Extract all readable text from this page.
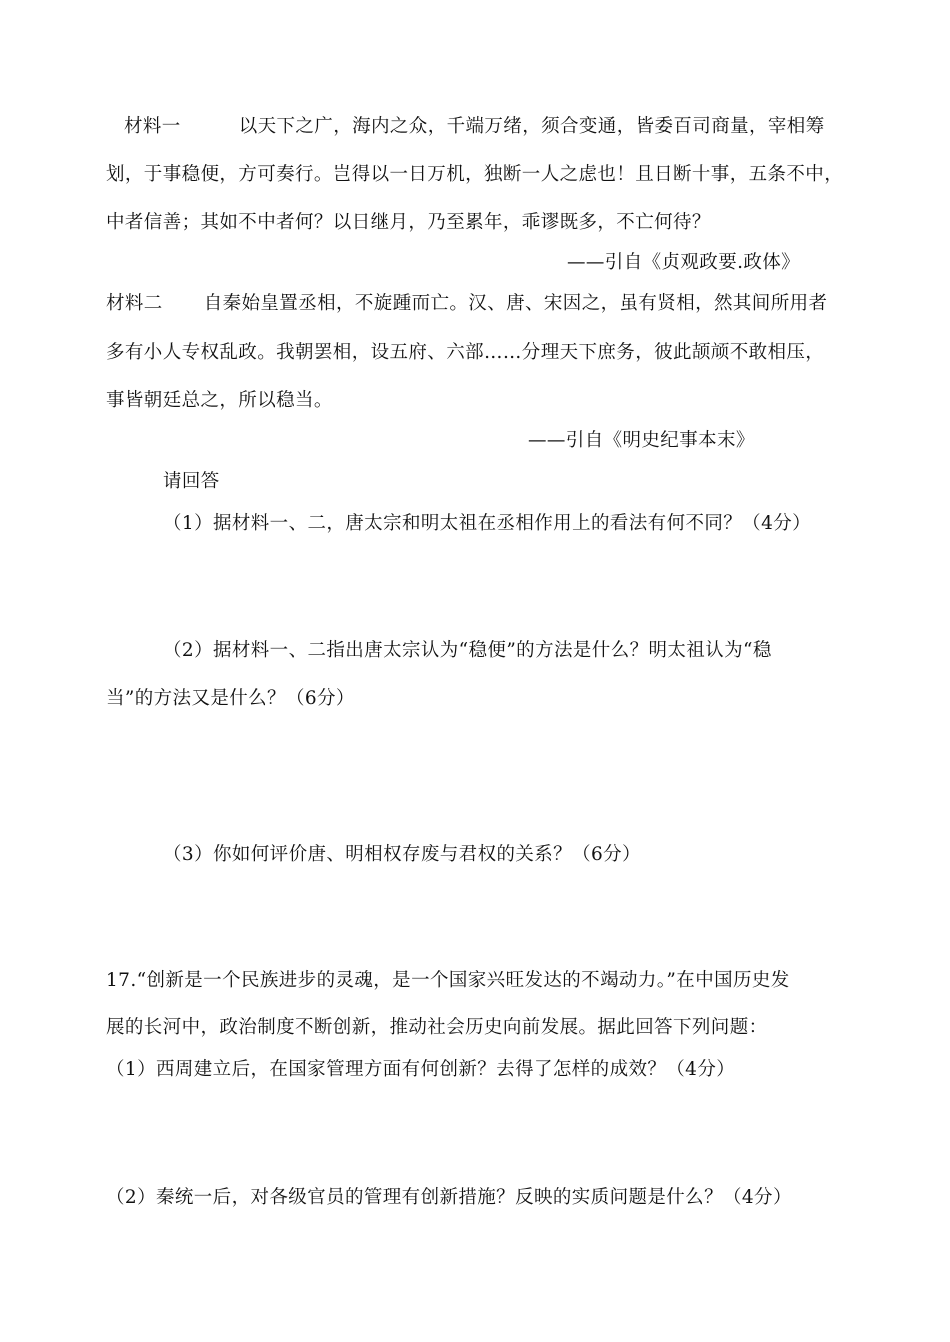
材料一	以天下之广，海内之众，千端万绪，须合变通，皆委百司商量，宰相筹
划，于事稳便，方可奏行。岂得以一日万机，独断一人之虑也！且日断十事，五条不中，
中者信善；其如不中者何？以日继月，乃至累年，乖谬既多，不亡何待？
——引自《贞观政要.政体》
材料二 自秦始皇置丞相，不旋踵而亡。汉、唐、宋因之，虽有贤相，然其间所用者
多有小人专权乱政。我朝罢相，设五府、六部……分理天下庶务，彼此颉颃不敢相压，
事皆朝廷总之，所以稳当。
——引自《明史纪事本末》
请回答
（1）据材料一、二，唐太宗和明太祖在丞相作用上的看法有何不同？（4分）
（2）据材料一、二指出唐太宗认为“稳便”的方法是什么？明太祖认为“稳
当”的方法又是什么？（6分）
（3）你如何评价唐、明相权存废与君权的关系？（6分）
17.“创新是一个民族进步的灵魂，是一个国家兴旺发达的不竭动力。”在中国历史发
展的长河中，政治制度不断创新，推动社会历史向前发展。据此回答下列问题：
（1）西周建立后，在国家管理方面有何创新？去得了怎样的成效？（4分）
（2）秦统一后，对各级官员的管理有创新措施？反映的实质问题是什么？（4分）
